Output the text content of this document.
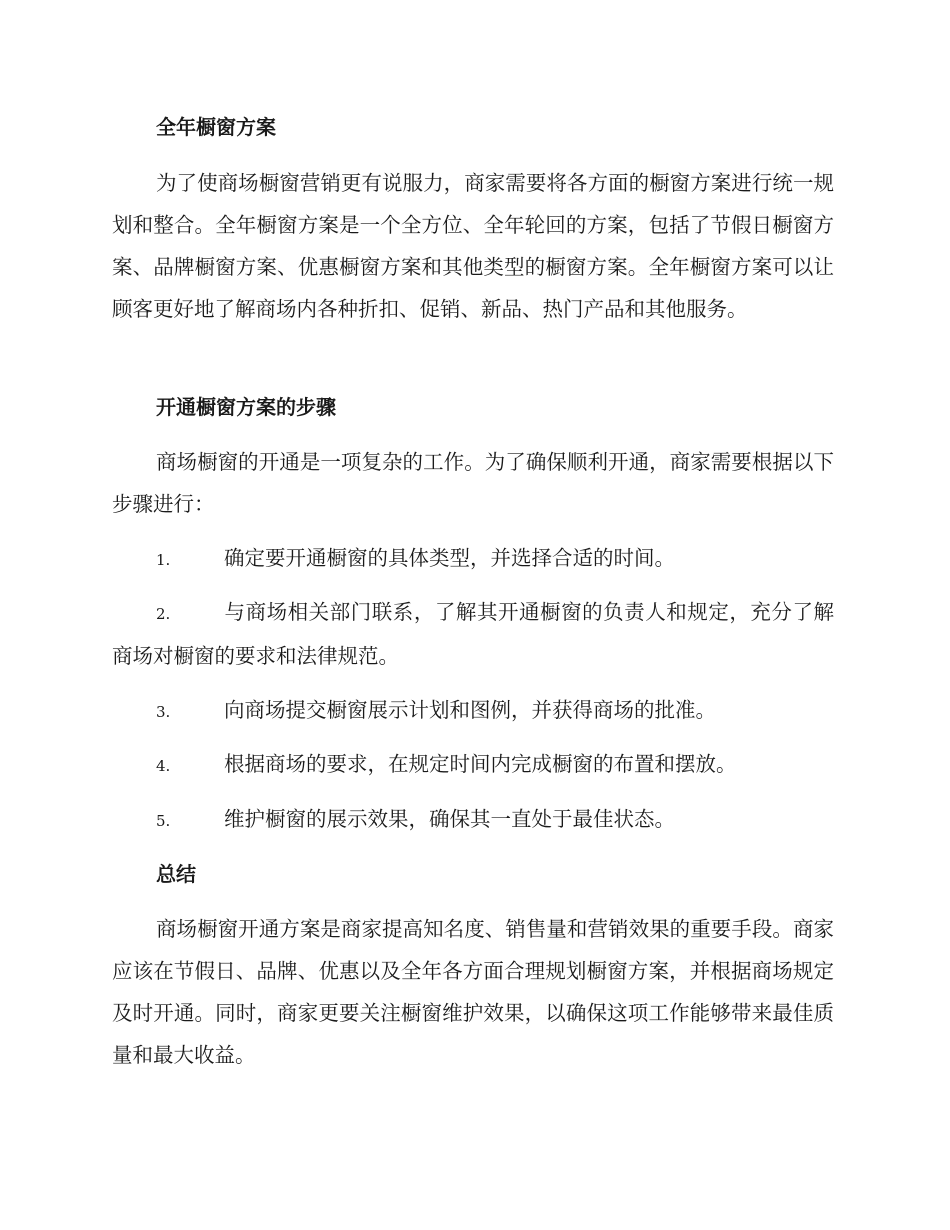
全年橱窗方案

为了使商场橱窗营销更有说服力，商家需要将各方面的橱窗方案进行统一规划和整合。全年橱窗方案是一个全方位、全年轮回的方案，包括了节假日橱窗方案、品牌橱窗方案、优惠橱窗方案和其他类型的橱窗方案。全年橱窗方案可以让顾客更好地了解商场内各种折扣、促销、新品、热门产品和其他服务。

开通橱窗方案的步骤

商场橱窗的开通是一项复杂的工作。为了确保顺利开通，商家需要根据以下步骤进行：

1.	确定要开通橱窗的具体类型，并选择合适的时间。
2.	与商场相关部门联系，了解其开通橱窗的负责人和规定，充分了解商场对橱窗的要求和法律规范。
3.	向商场提交橱窗展示计划和图例，并获得商场的批准。
4.	根据商场的要求，在规定时间内完成橱窗的布置和摆放。
5.	维护橱窗的展示效果，确保其一直处于最佳状态。
总结

商场橱窗开通方案是商家提高知名度、销售量和营销效果的重要手段。商家应该在节假日、品牌、优惠以及全年各方面合理规划橱窗方案，并根据商场规定及时开通。同时，商家更要关注橱窗维护效果，以确保这项工作能够带来最佳质量和最大收益。
